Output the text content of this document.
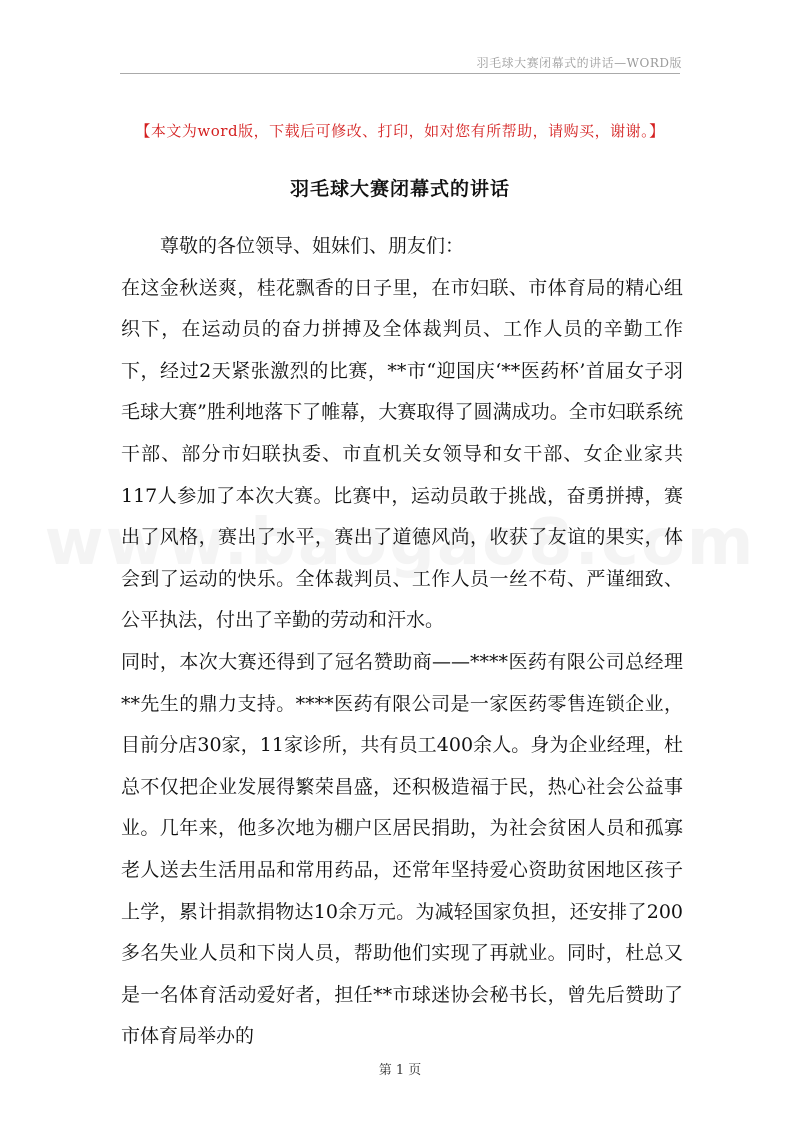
羽毛球大赛闭幕式的讲话—WORD版
【本文为word版，下载后可修改、打印，如对您有所帮助，请购买，谢谢。】
羽毛球大赛闭幕式的讲话

尊敬的各位领导、姐妹们、朋友们：

在这金秋送爽，桂花飘香的日子里，在市妇联、市体育局的精心组织下，在运动员的奋力拼搏及全体裁判员、工作人员的辛勤工作下，经过2天紧张激烈的比赛，**市“迎国庆‘**医药杯’首届女子羽毛球大赛”胜利地落下了帷幕，大赛取得了圆满成功。全市妇联系统干部、部分市妇联执委、市直机关女领导和女干部、女企业家共117人参加了本次大赛。比赛中，运动员敢于挑战，奋勇拼搏，赛出了风格，赛出了水平，赛出了道德风尚，收获了友谊的果实，体会到了运动的快乐。全体裁判员、工作人员一丝不苟、严谨细致、公平执法，付出了辛勤的劳动和汗水。

同时，本次大赛还得到了冠名赞助商——****医药有限公司总经理**先生的鼎力支持。****医药有限公司是一家医药零售连锁企业，目前分店30家，11家诊所，共有员工400余人。身为企业经理，杜总不仅把企业发展得繁荣昌盛，还积极造福于民，热心社会公益事业。几年来，他多次地为棚户区居民捐助，为社会贫困人员和孤寡老人送去生活用品和常用药品，还常年坚持爱心资助贫困地区孩子上学，累计捐款捐物达10余万元。为减轻国家负担，还安排了200多名失业人员和下岗人员，帮助他们实现了再就业。同时，杜总又是一名体育活动爱好者，担任**市球迷协会秘书长，曾先后赞助了市体育局举办的

第 1 页
